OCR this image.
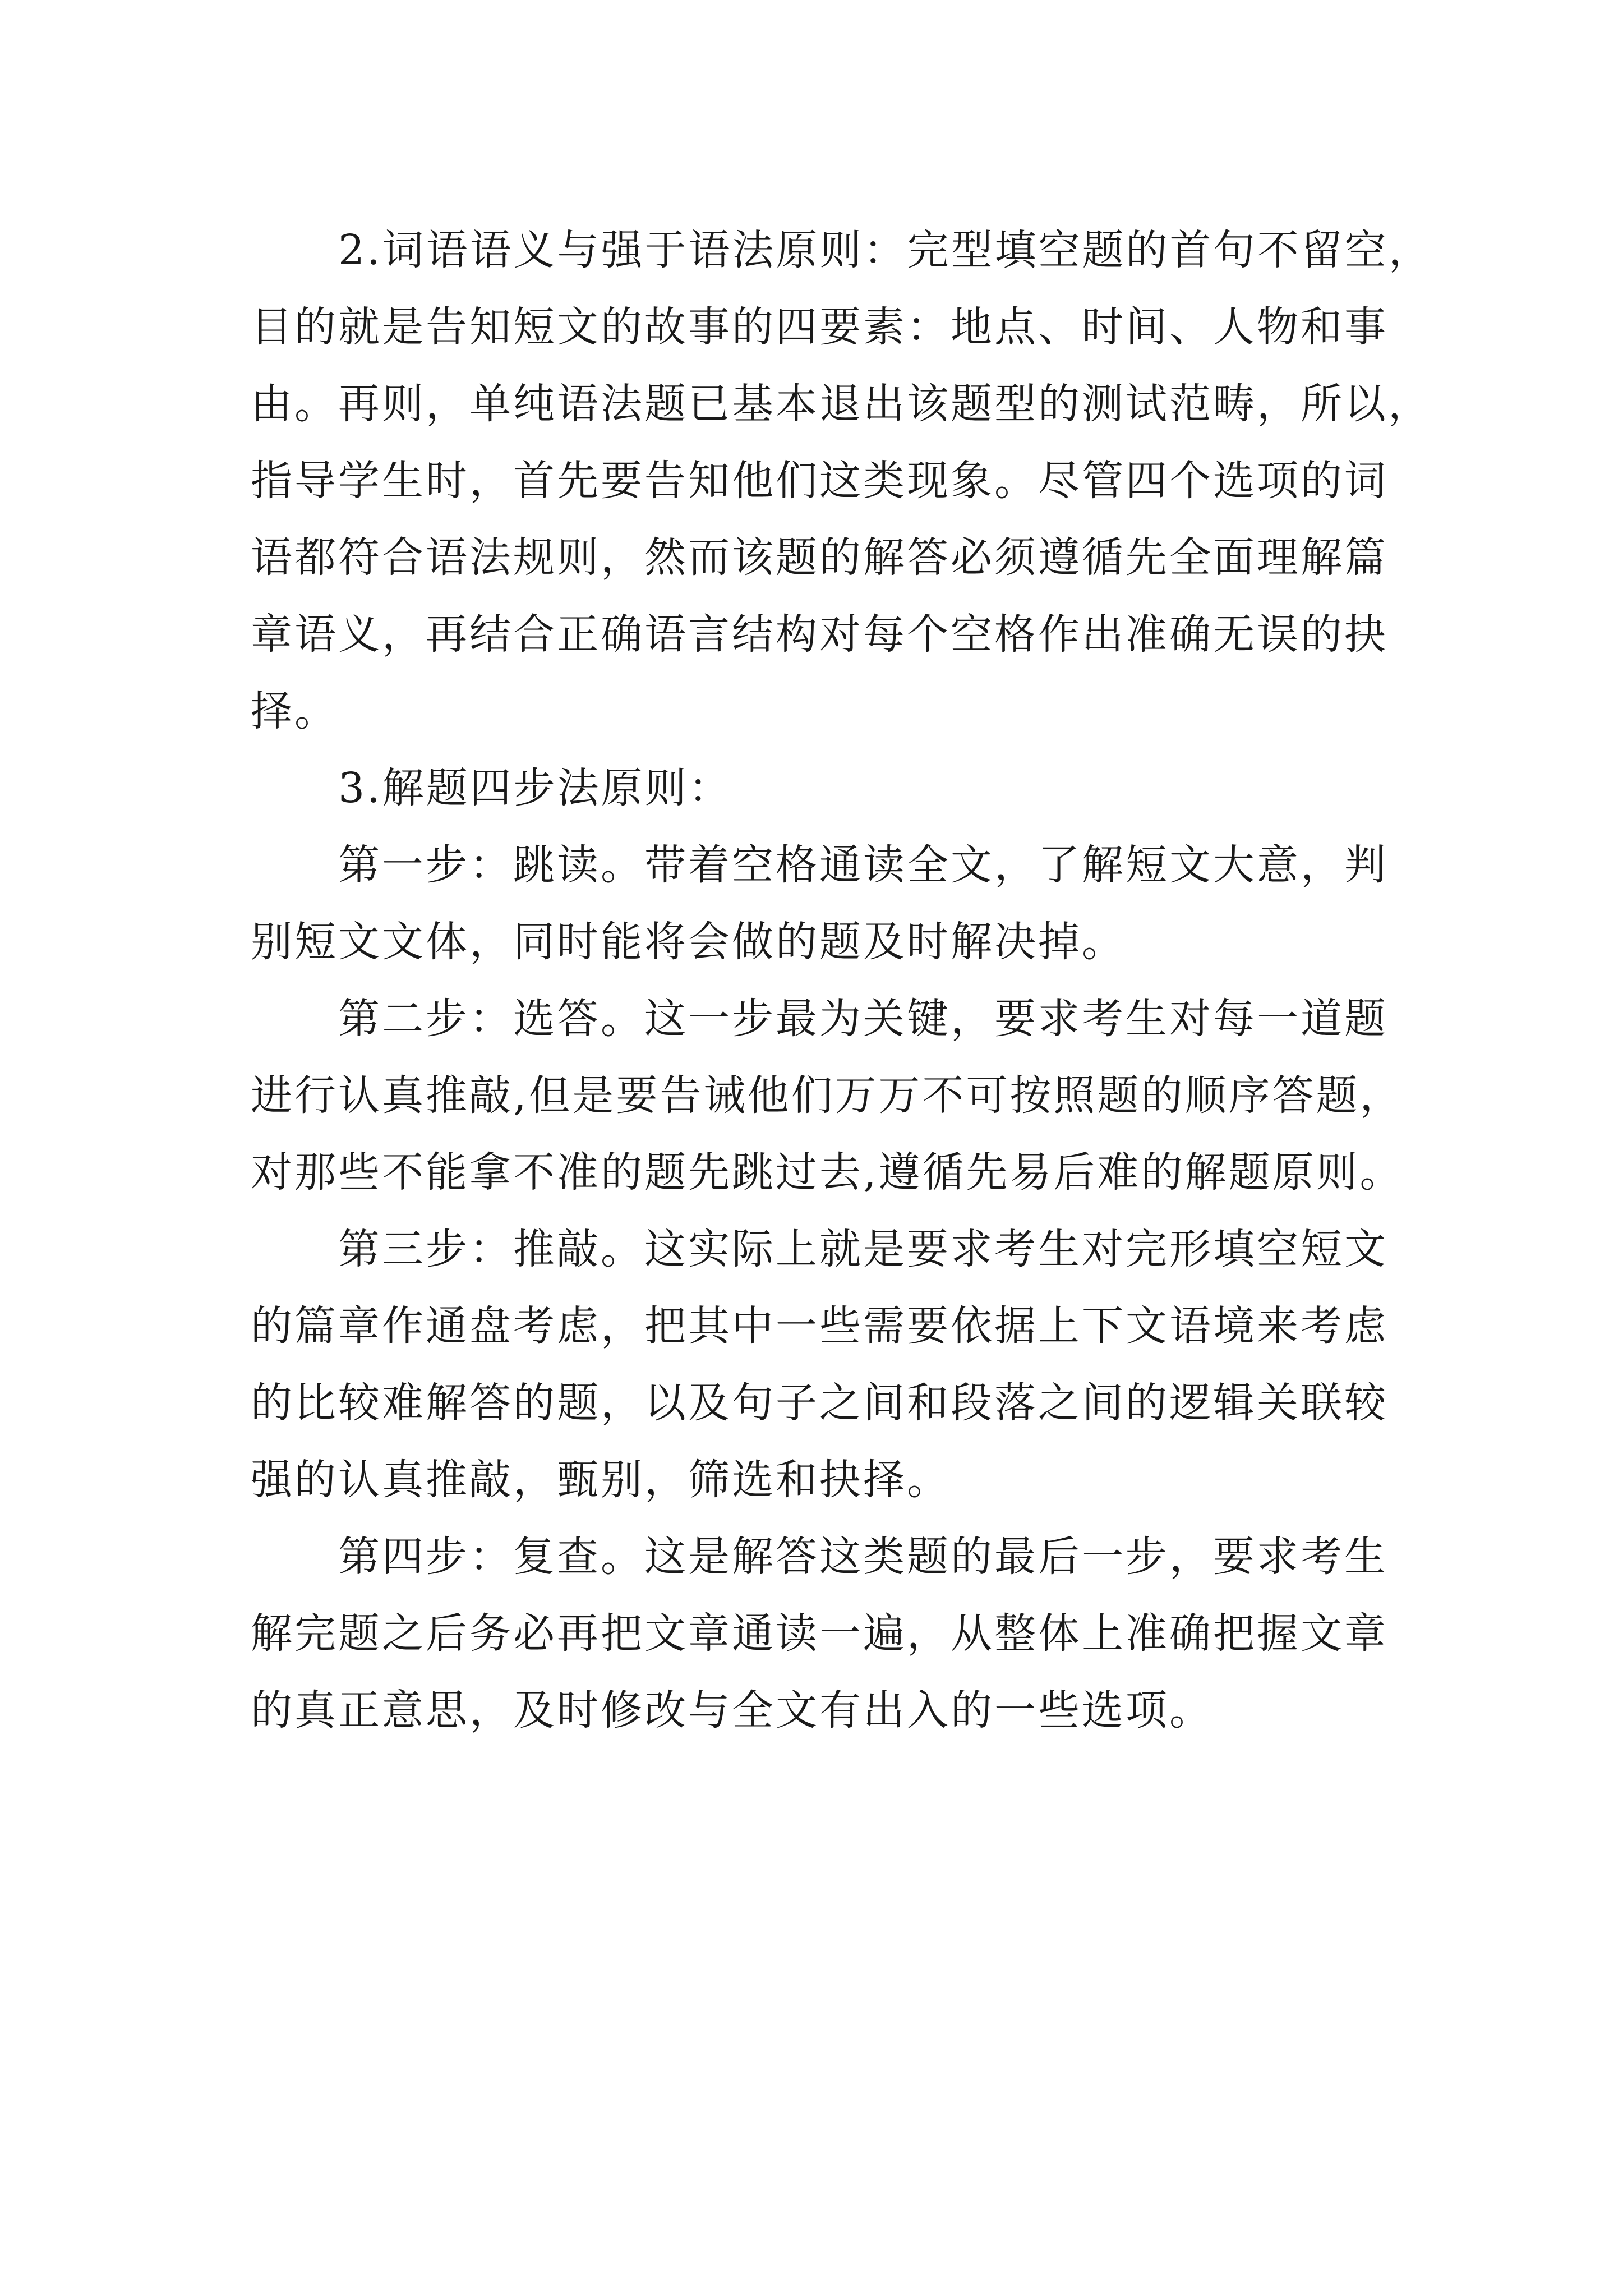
2.词语语义与强于语法原则：完型填空题的首句不留空，
目的就是告知短文的故事的四要素：地点、时间、人物和事
由。再则，单纯语法题已基本退出该题型的测试范畴，所以，
指导学生时，首先要告知他们这类现象。尽管四个选项的词
语都符合语法规则，然而该题的解答必须遵循先全面理解篇
章语义，再结合正确语言结构对每个空格作出准确无误的抉
择。
3.解题四步法原则：
第一步：跳读。带着空格通读全文，了解短文大意，判
别短文文体，同时能将会做的题及时解决掉。
第二步：选答。这一步最为关键，要求考生对每一道题
进行认真推敲,但是要告诫他们万万不可按照题的顺序答题，
对那些不能拿不准的题先跳过去,遵循先易后难的解题原则。
第三步：推敲。这实际上就是要求考生对完形填空短文
的篇章作通盘考虑，把其中一些需要依据上下文语境来考虑
的比较难解答的题，以及句子之间和段落之间的逻辑关联较
强的认真推敲，甄别，筛选和抉择。
第四步：复查。这是解答这类题的最后一步，要求考生
解完题之后务必再把文章通读一遍，从整体上准确把握文章
的真正意思，及时修改与全文有出入的一些选项。
